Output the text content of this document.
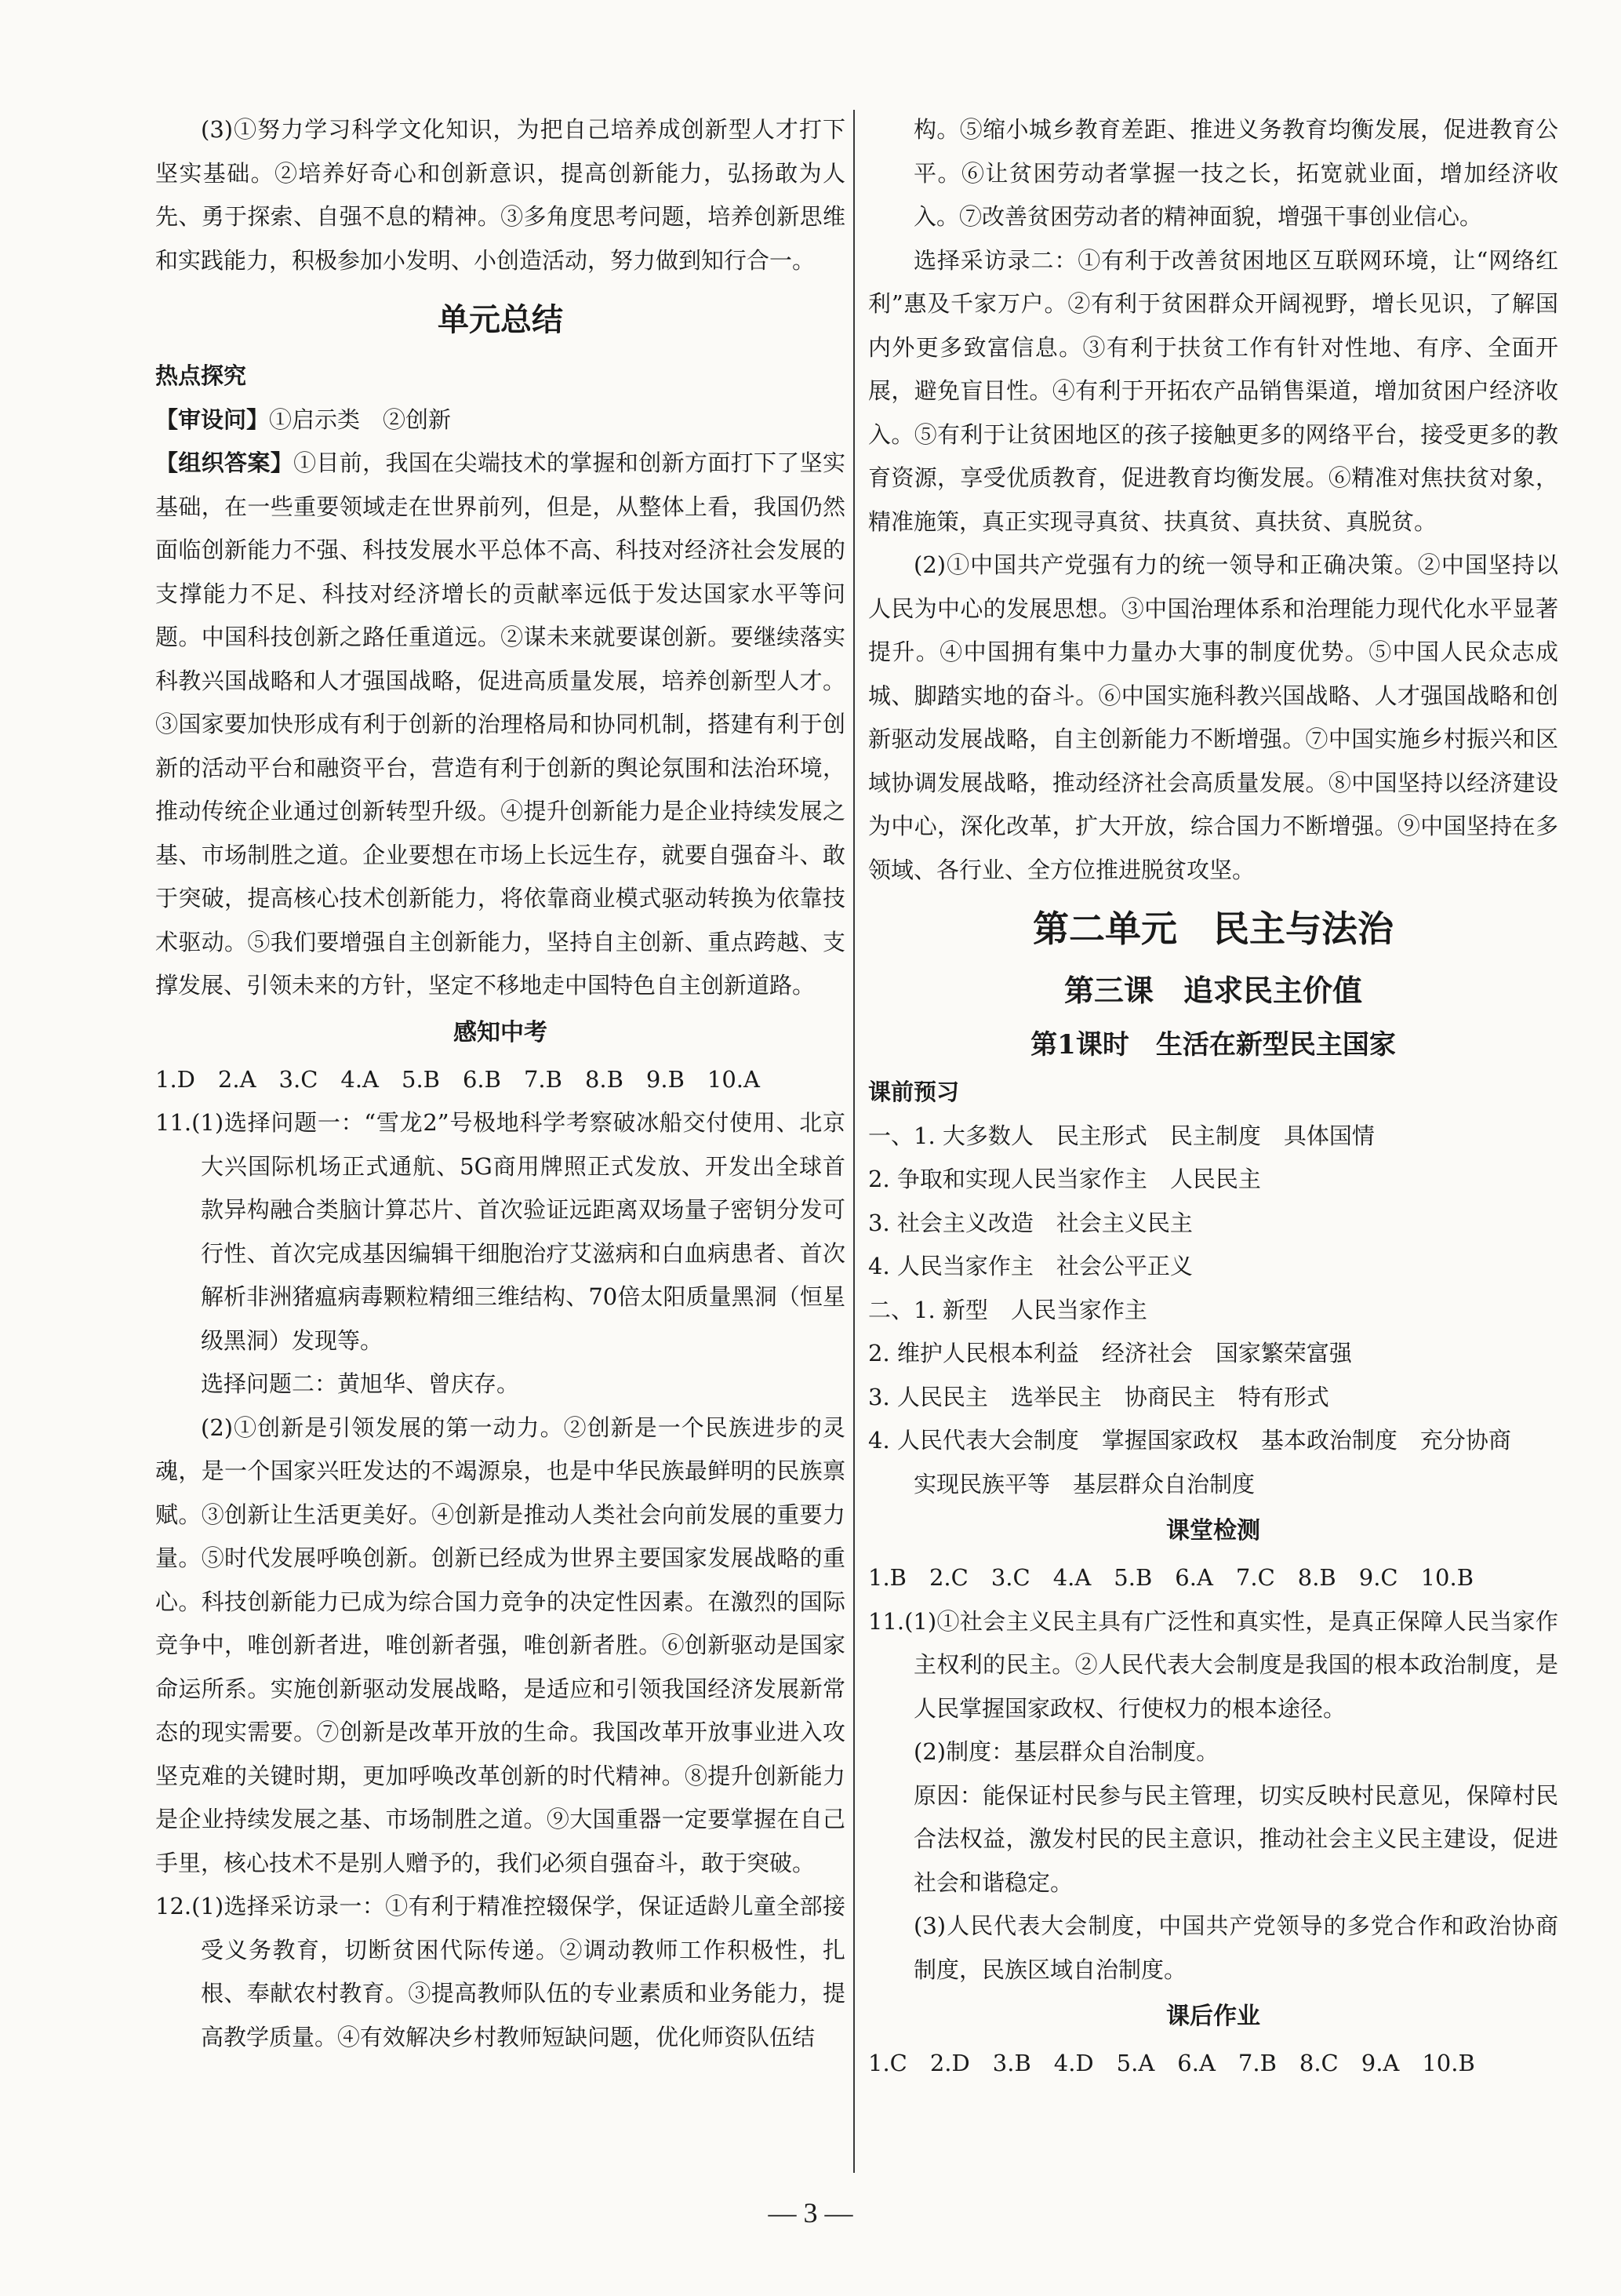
(3)①努力学习科学文化知识，为把自己培养成创新型人才打下坚实基础。②培养好奇心和创新意识，提高创新能力，弘扬敢为人先、勇于探索、自强不息的精神。③多角度思考问题，培养创新思维和实践能力，积极参加小发明、小创造活动，努力做到知行合一。

单元总结

热点探究

【审设问】①启示类　②创新

【组织答案】①目前，我国在尖端技术的掌握和创新方面打下了坚实基础，在一些重要领域走在世界前列，但是，从整体上看，我国仍然面临创新能力不强、科技发展水平总体不高、科技对经济社会发展的支撑能力不足、科技对经济增长的贡献率远低于发达国家水平等问题。中国科技创新之路任重道远。②谋未来就要谋创新。要继续落实科教兴国战略和人才强国战略，促进高质量发展，培养创新型人才。③国家要加快形成有利于创新的治理格局和协同机制，搭建有利于创新的活动平台和融资平台，营造有利于创新的舆论氛围和法治环境，推动传统企业通过创新转型升级。④提升创新能力是企业持续发展之基、市场制胜之道。企业要想在市场上长远生存，就要自强奋斗、敢于突破，提高核心技术创新能力，将依靠商业模式驱动转换为依靠技术驱动。⑤我们要增强自主创新能力，坚持自主创新、重点跨越、支撑发展、引领未来的方针，坚定不移地走中国特色自主创新道路。

感知中考

1.D　2.A　3.C　4.A　5.B　6.B　7.B　8.B　9.B　10.A

11.(1)选择问题一：“雪龙2”号极地科学考察破冰船交付使用、北京大兴国际机场正式通航、5G商用牌照正式发放、开发出全球首款异构融合类脑计算芯片、首次验证远距离双场量子密钥分发可行性、首次完成基因编辑干细胞治疗艾滋病和白血病患者、首次解析非洲猪瘟病毒颗粒精细三维结构、70倍太阳质量黑洞（恒星级黑洞）发现等。

选择问题二：黄旭华、曾庆存。

(2)①创新是引领发展的第一动力。②创新是一个民族进步的灵魂，是一个国家兴旺发达的不竭源泉，也是中华民族最鲜明的民族禀赋。③创新让生活更美好。④创新是推动人类社会向前发展的重要力量。⑤时代发展呼唤创新。创新已经成为世界主要国家发展战略的重心。科技创新能力已成为综合国力竞争的决定性因素。在激烈的国际竞争中，唯创新者进，唯创新者强，唯创新者胜。⑥创新驱动是国家命运所系。实施创新驱动发展战略，是适应和引领我国经济发展新常态的现实需要。⑦创新是改革开放的生命。我国改革开放事业进入攻坚克难的关键时期，更加呼唤改革创新的时代精神。⑧提升创新能力是企业持续发展之基、市场制胜之道。⑨大国重器一定要掌握在自己手里，核心技术不是别人赠予的，我们必须自强奋斗，敢于突破。

12.(1)选择采访录一：①有利于精准控辍保学，保证适龄儿童全部接受义务教育，切断贫困代际传递。②调动教师工作积极性，扎根、奉献农村教育。③提高教师队伍的专业素质和业务能力，提高教学质量。④有效解决乡村教师短缺问题，优化师资队伍结

构。⑤缩小城乡教育差距、推进义务教育均衡发展，促进教育公平。⑥让贫困劳动者掌握一技之长，拓宽就业面，增加经济收入。⑦改善贫困劳动者的精神面貌，增强干事创业信心。

选择采访录二：①有利于改善贫困地区互联网环境，让“网络红利”惠及千家万户。②有利于贫困群众开阔视野，增长见识，了解国内外更多致富信息。③有利于扶贫工作有针对性地、有序、全面开展，避免盲目性。④有利于开拓农产品销售渠道，增加贫困户经济收入。⑤有利于让贫困地区的孩子接触更多的网络平台，接受更多的教育资源，享受优质教育，促进教育均衡发展。⑥精准对焦扶贫对象，精准施策，真正实现寻真贫、扶真贫、真扶贫、真脱贫。

(2)①中国共产党强有力的统一领导和正确决策。②中国坚持以人民为中心的发展思想。③中国治理体系和治理能力现代化水平显著提升。④中国拥有集中力量办大事的制度优势。⑤中国人民众志成城、脚踏实地的奋斗。⑥中国实施科教兴国战略、人才强国战略和创新驱动发展战略，自主创新能力不断增强。⑦中国实施乡村振兴和区域协调发展战略，推动经济社会高质量发展。⑧中国坚持以经济建设为中心，深化改革，扩大开放，综合国力不断增强。⑨中国坚持在多领域、各行业、全方位推进脱贫攻坚。

第二单元　民主与法治

第三课　追求民主价值

第1课时　生活在新型民主国家

课前预习

一、1. 大多数人　民主形式　民主制度　具体国情

2. 争取和实现人民当家作主　人民民主

3. 社会主义改造　社会主义民主

4. 人民当家作主　社会公平正义

二、1. 新型　人民当家作主

2. 维护人民根本利益　经济社会　国家繁荣富强

3. 人民民主　选举民主　协商民主　特有形式

4. 人民代表大会制度　掌握国家政权　基本政治制度　充分协商

实现民族平等　基层群众自治制度

课堂检测

1.B　2.C　3.C　4.A　5.B　6.A　7.C　8.B　9.C　10.B

11.(1)①社会主义民主具有广泛性和真实性，是真正保障人民当家作主权利的民主。②人民代表大会制度是我国的根本政治制度，是人民掌握国家政权、行使权力的根本途径。

(2)制度：基层群众自治制度。

原因：能保证村民参与民主管理，切实反映村民意见，保障村民合法权益，激发村民的民主意识，推动社会主义民主建设，促进社会和谐稳定。

(3)人民代表大会制度，中国共产党领导的多党合作和政治协商制度，民族区域自治制度。

课后作业

1.C　2.D　3.B　4.D　5.A　6.A　7.B　8.C　9.A　10.B

— 3 —
